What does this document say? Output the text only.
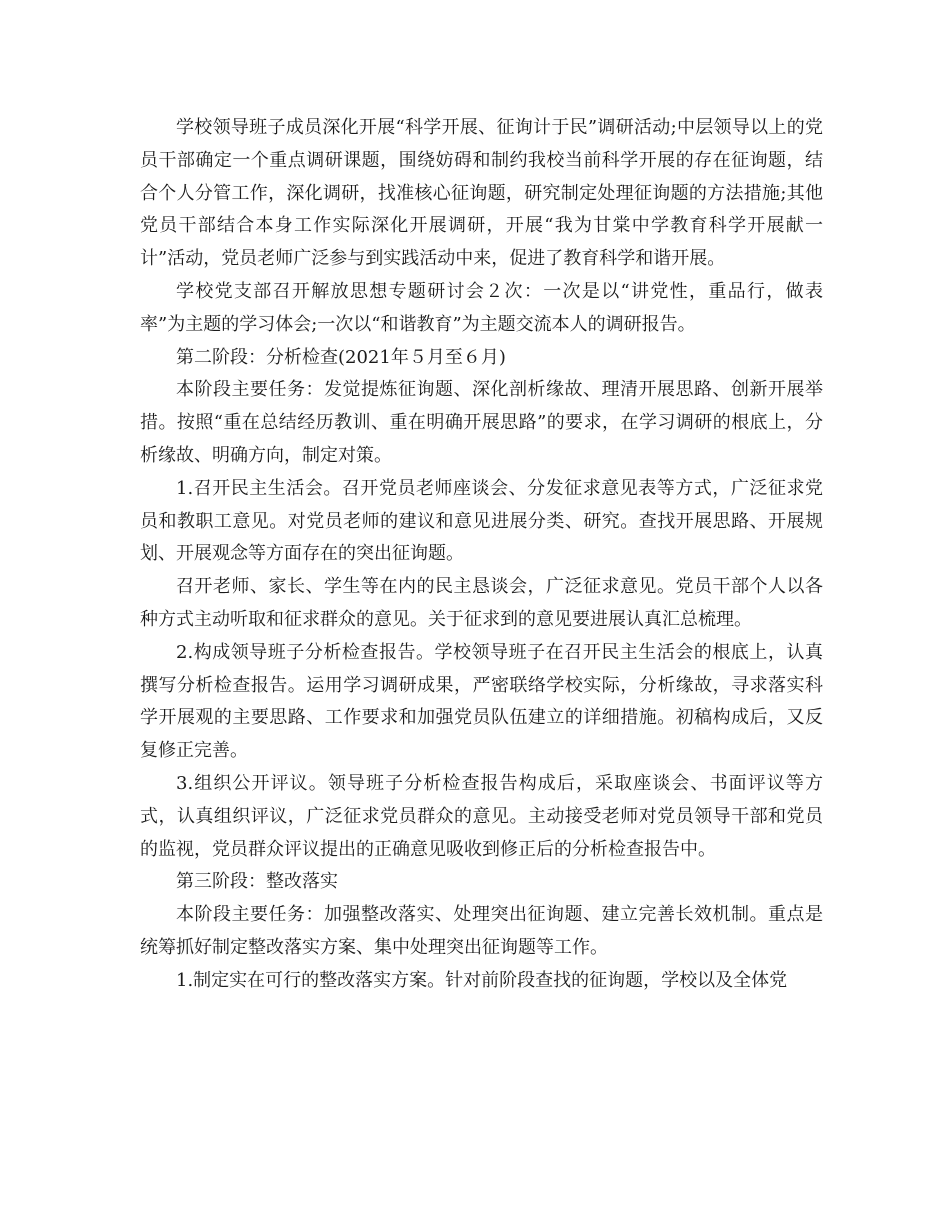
学校领导班子成员深化开展“科学开展、征询计于民”调研活动;中层领导以上的党员干部确定一个重点调研课题，围绕妨碍和制约我校当前科学开展的存在征询题，结合个人分管工作，深化调研，找准核心征询题，研究制定处理征询题的方法措施;其他党员干部结合本身工作实际深化开展调研，开展“我为甘棠中学教育科学开展献一计”活动，党员老师广泛参与到实践活动中来，促进了教育科学和谐开展。

学校党支部召开解放思想专题研讨会２次：一次是以“讲党性，重品行，做表率”为主题的学习体会;一次以“和谐教育”为主题交流本人的调研报告。

第二阶段：分析检查(2021年５月至６月)

本阶段主要任务：发觉提炼征询题、深化剖析缘故、理清开展思路、创新开展举措。按照“重在总结经历教训、重在明确开展思路”的要求，在学习调研的根底上，分析缘故、明确方向，制定对策。

1.召开民主生活会。召开党员老师座谈会、分发征求意见表等方式，广泛征求党员和教职工意见。对党员老师的建议和意见进展分类、研究。查找开展思路、开展规划、开展观念等方面存在的突出征询题。

召开老师、家长、学生等在内的民主恳谈会，广泛征求意见。党员干部个人以各种方式主动听取和征求群众的意见。关于征求到的意见要进展认真汇总梳理。

2.构成领导班子分析检查报告。学校领导班子在召开民主生活会的根底上，认真撰写分析检查报告。运用学习调研成果，严密联络学校实际，分析缘故，寻求落实科学开展观的主要思路、工作要求和加强党员队伍建立的详细措施。初稿构成后，又反复修正完善。

3.组织公开评议。领导班子分析检查报告构成后，采取座谈会、书面评议等方式，认真组织评议，广泛征求党员群众的意见。主动接受老师对党员领导干部和党员的监视，党员群众评议提出的正确意见吸收到修正后的分析检查报告中。

第三阶段：整改落实

本阶段主要任务：加强整改落实、处理突出征询题、建立完善长效机制。重点是统筹抓好制定整改落实方案、集中处理突出征询题等工作。

1.制定实在可行的整改落实方案。针对前阶段查找的征询题，学校以及全体党
